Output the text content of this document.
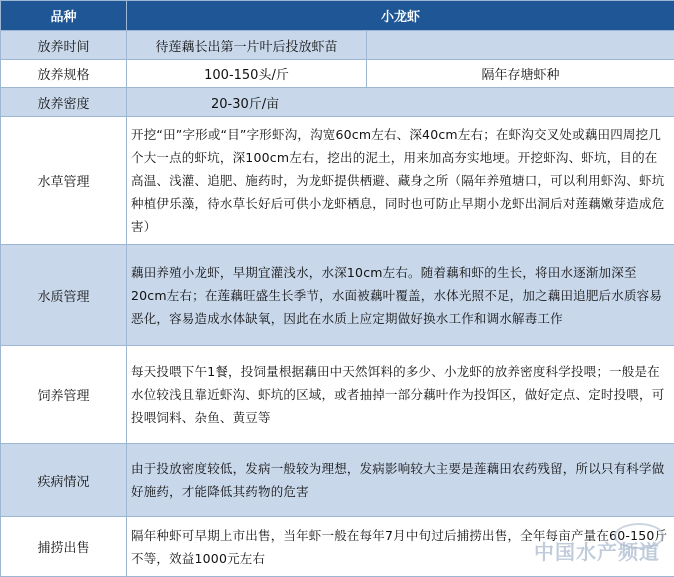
品种	小龙虾	
放养时间	待莲藕长出第一片叶后投放虾苗	
放养规格	100-150头/斤	隔年存塘虾种
放养密度	20-30斤/亩	
水草管理	开挖“田”字形或“目”字形虾沟，沟宽60cm左右、深40cm左右；在虾沟交叉处或藕田四周挖几个大一点的虾坑，深100cm左右，挖出的泥土，用来加高夯实地埂。开挖虾沟、虾坑，目的在高温、浅灌、追肥、施药时，为龙虾提供栖避、藏身之所（隔年养殖塘口，可以利用虾沟、虾坑种植伊乐藻，待水草长好后可供小龙虾栖息，同时也可防止早期小龙虾出洞后对莲藕嫩芽造成危害）	
水质管理	藕田养殖小龙虾，早期宜灌浅水，水深10cm左右。随着藕和虾的生长，将田水逐渐加深至20cm左右；在莲藕旺盛生长季节，水面被藕叶覆盖，水体光照不足，加之藕田追肥后水质容易恶化，容易造成水体缺氧，因此在水质上应定期做好换水工作和调水解毒工作	
饲养管理	每天投喂下午1餐，投饲量根据藕田中天然饵料的多少、小龙虾的放养密度科学投喂；一般是在水位较浅且靠近虾沟、虾坑的区域，或者抽掉一部分藕叶作为投饵区，做好定点、定时投喂，可投喂饲料、杂鱼、黄豆等	
疾病情况	由于投放密度较低，发病一般较为理想，发病影响较大主要是莲藕田农药残留，所以只有科学做好施药，才能降低其药物的危害	
捕捞出售	隔年种虾可早期上市出售，当年虾一般在每年7月中旬过后捕捞出售，全年每亩产量在60-150斤不等，效益1000元左右		中国水产频道
